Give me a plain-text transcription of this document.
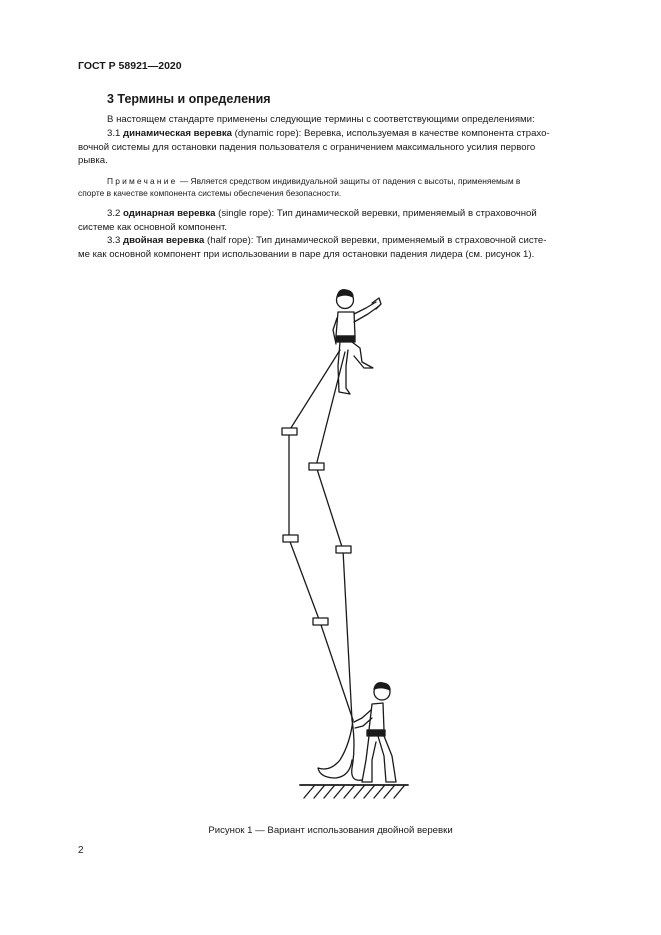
ГОСТ Р 58921—2020
3 Термины и определения
В настоящем стандарте применены следующие термины с соответствующими определениями:
3.1 динамическая веревка (dynamic rope): Веревка, используемая в качестве компонента страхо-
вочной системы для остановки падения пользователя с ограничением максимального усилия первого
рывка.
Примечание — Является средством индивидуальной защиты от падения с высоты, применяемым в
спорте в качестве компонента системы обеспечения безопасности.
3.2 одинарная веревка (single rope): Тип динамической веревки, применяемый в страховочной
системе как основной компонент.
3.3 двойная веревка (half rope): Тип динамической веревки, применяемый в страховочной систе-
ме как основной компонент при использовании в паре для остановки падения лидера (см. рисунок 1).
Рисунок 1 — Вариант использования двойной веревки
2
